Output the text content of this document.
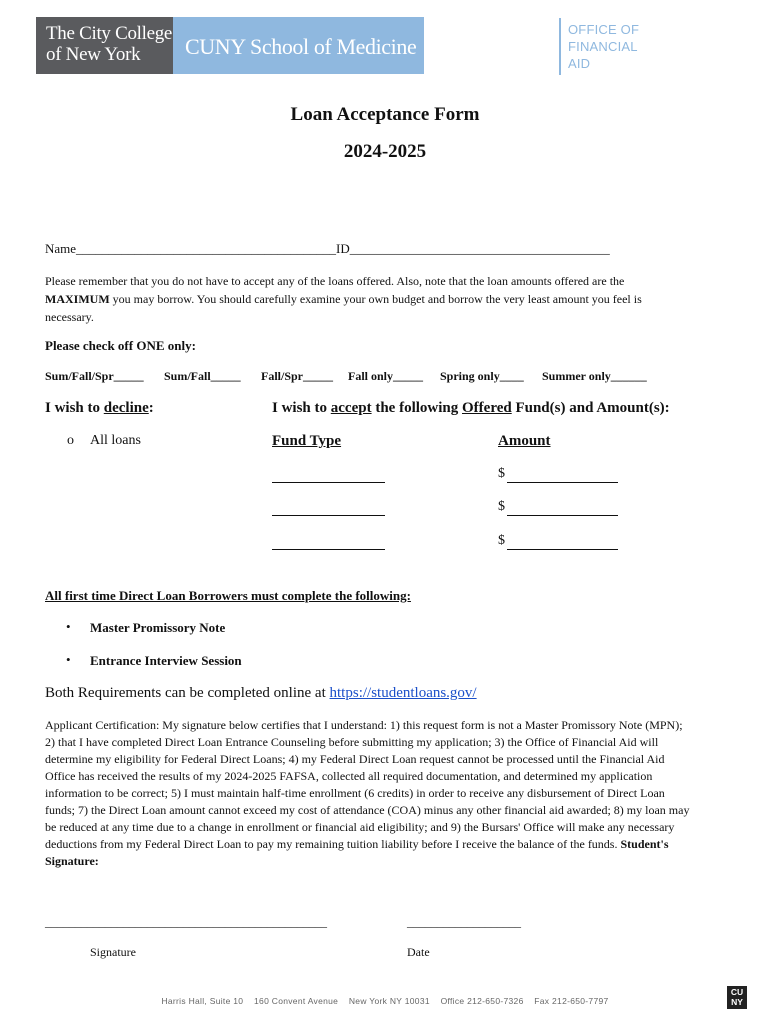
The City College
of New York	CUNY School of Medicine
OFFICE OF
FINANCIAL
AID
Loan Acceptance Form
2024-2025
Name________________________________________ID________________________________________
Please remember that you do not have to accept any of the loans offered. Also, note that the loan amounts offered are the
MAXIMUM you may borrow. You should carefully examine your own budget and borrow the very least amount you feel is
necessary.
Please check off ONE only:
Sum/Fall/Spr_____ Sum/Fall_____ Fall/Spr_____ Fall only_____ Spring only____ Summer only______
I wish to decline:	I wish to accept the following Offered Fund(s) and Amount(s):
o All loans	Fund Type	Amount
$
$
$
All first time Direct Loan Borrowers must complete the following:
• Master Promissory Note
• Entrance Interview Session
Both Requirements can be completed online at https://studentloans.gov/
Applicant Certification: My signature below certifies that I understand: 1) this request form is not a Master Promissory Note (MPN);
2) that I have completed Direct Loan Entrance Counseling before submitting my application; 3) the Office of Financial Aid will
determine my eligibility for Federal Direct Loans; 4) my Federal Direct Loan request cannot be processed until the Financial Aid
Office has received the results of my 2024-2025 FAFSA, collected all required documentation, and determined my application
information to be correct; 5) I must maintain half-time enrollment (6 credits) in order to receive any disbursement of Direct Loan
funds; 7) the Direct Loan amount cannot exceed my cost of attendance (COA) minus any other financial aid awarded; 8) my loan may
be reduced at any time due to a change in enrollment or financial aid eligibility; and 9) the Bursars' Office will make any necessary
deductions from my Federal Direct Loan to pay my remaining tuition liability before I receive the balance of the funds. Student's
Signature:
_______________________________________________	___________________
Signature	Date
Harris Hall, Suite 10 160 Convent Avenue New York NY 10031 Office 212-650-7326 Fax 212-650-7797
CU
NY
